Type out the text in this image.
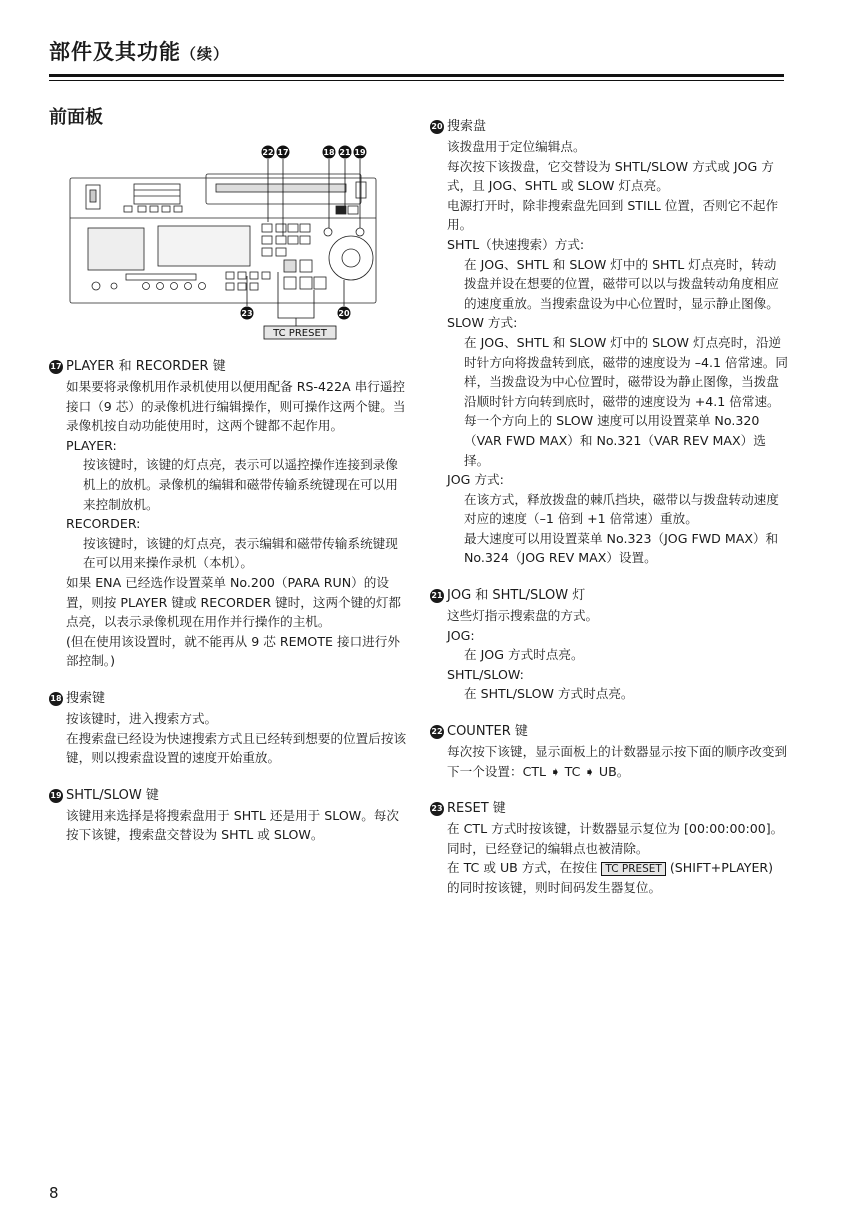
部件及其功能（续）
前面板
22 17	18 21 19
23	20
TC PRESET
17 PLAYER 和 RECORDER 键
如果要将录像机用作录机使用以便用配备 RS-422A 串行遥控接口（9 芯）的录像机进行编辑操作，则可操作这两个键。当录像机按自动功能使用时，这两个键都不起作用。
PLAYER:
按该键时，该键的灯点亮，表示可以遥控操作连接到录像机上的放机。录像机的编辑和磁带传输系统键现在可以用来控制放机。
RECORDER:
按该键时，该键的灯点亮，表示编辑和磁带传输系统键现在可以用来操作录机（本机）。
如果 ENA 已经选作设置菜单 No.200（PARA RUN）的设置，则按 PLAYER 键或 RECORDER 键时，这两个键的灯都点亮，以表示录像机现在用作并行操作的主机。
(但在使用该设置时，就不能再从 9 芯 REMOTE 接口进行外部控制。)
18 搜索键
按该键时，进入搜索方式。
在搜索盘已经设为快速搜索方式且已经转到想要的位置后按该键，则以搜索盘设置的速度开始重放。
19 SHTL/SLOW 键
该键用来选择是将搜索盘用于 SHTL 还是用于 SLOW。每次按下该键，搜索盘交替设为 SHTL 或 SLOW。
20 搜索盘
该拨盘用于定位编辑点。
每次按下该拨盘，它交替设为 SHTL/SLOW 方式或 JOG 方式，且 JOG、SHTL 或 SLOW 灯点亮。
电源打开时，除非搜索盘先回到 STILL 位置，否则它不起作用。
SHTL（快速搜索）方式:
在 JOG、SHTL 和 SLOW 灯中的 SHTL 灯点亮时，转动拨盘并设在想要的位置，磁带可以以与拨盘转动角度相应的速度重放。当搜索盘设为中心位置时，显示静止图像。
SLOW 方式:
在 JOG、SHTL 和 SLOW 灯中的 SLOW 灯点亮时，沿逆时针方向将拨盘转到底，磁带的速度设为 –4.1 倍常速。同样，当拨盘设为中心位置时，磁带设为静止图像，当拨盘沿顺时针方向转到底时，磁带的速度设为 +4.1 倍常速。每一个方向上的 SLOW 速度可以用设置菜单 No.320（VAR FWD MAX）和 No.321（VAR REV MAX）选择。
JOG 方式:
在该方式，释放拨盘的棘爪挡块，磁带以与拨盘转动速度对应的速度（–1 倍到 +1 倍常速）重放。
最大速度可以用设置菜单 No.323（JOG FWD MAX）和 No.324（JOG REV MAX）设置。
21 JOG 和 SHTL/SLOW 灯
这些灯指示搜索盘的方式。
JOG:
在 JOG 方式时点亮。
SHTL/SLOW:
在 SHTL/SLOW 方式时点亮。
22 COUNTER 键
每次按下该键，显示面板上的计数器显示按下面的顺序改变到下一个设置：CTL ➧ TC ➧ UB。
23 RESET 键
在 CTL 方式时按该键，计数器显示复位为 [00:00:00:00]。同时，已经登记的编辑点也被清除。
在 TC 或 UB 方式，在按住 TC PRESET (SHIFT+PLAYER) 的同时按该键，则时间码发生器复位。
8
